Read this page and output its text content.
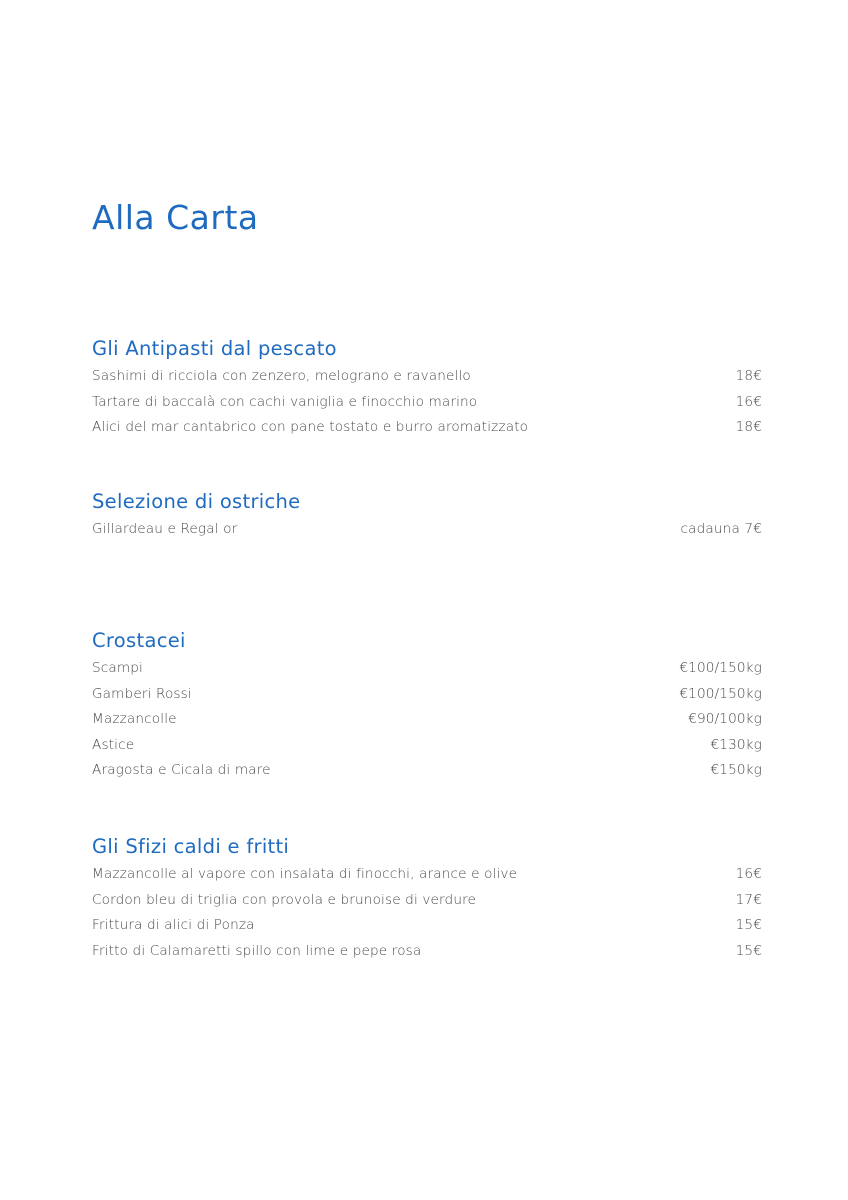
Alla Carta
Gli Antipasti dal pescato
Sashimi di ricciola con zenzero, melograno e ravanello	18€
Tartare di baccalà con cachi vaniglia e finocchio marino	16€
Alici del mar cantabrico con pane tostato e burro aromatizzato	18€
Selezione di ostriche
Gillardeau e Regal or	cadauna 7€
Crostacei
Scampi	€100/150kg
Gamberi Rossi	€100/150kg
Mazzancolle	€90/100kg
Astice	€130kg
Aragosta e Cicala di mare	€150kg
Gli Sfizi caldi e fritti
Mazzancolle al vapore con insalata di finocchi, arance e olive	16€
Cordon bleu di triglia con provola e brunoise di verdure	17€
Frittura di alici di Ponza	15€
Fritto di Calamaretti spillo con lime e pepe rosa	15€
